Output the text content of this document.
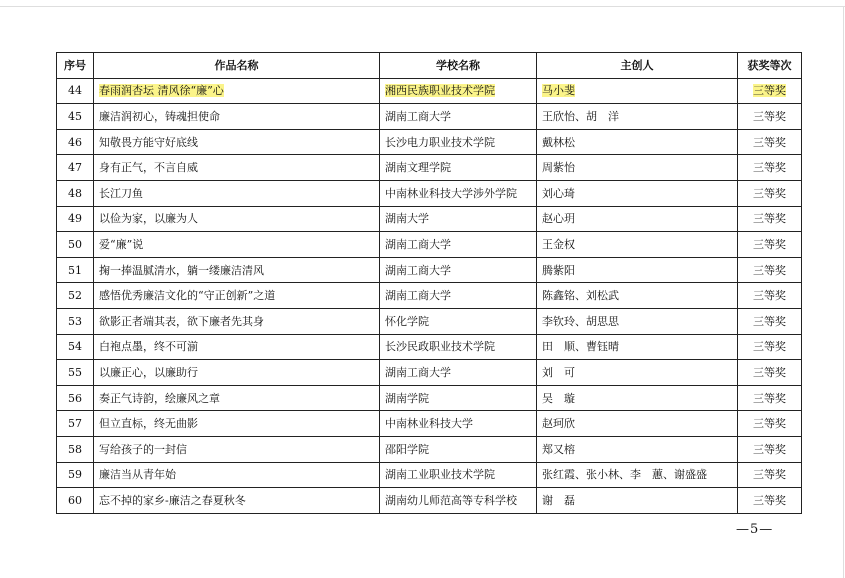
序号	作品名称	学校名称	主创人	获奖等次
44	春雨润杏坛 清风徐“廉”心	湘西民族职业技术学院	马小斐	三等奖
45	廉洁润初心，铸魂担使命	湖南工商大学	王欣怡、胡　洋	三等奖
46	知敬畏方能守好底线	长沙电力职业技术学院	戴林松	三等奖
47	身有正气，不言自威	湖南文理学院	周紫怡	三等奖
48	长江刀鱼	中南林业科技大学涉外学院	刘心琦	三等奖
49	以俭为家，以廉为人	湖南大学	赵心玥	三等奖
50	爱“廉”说	湖南工商大学	王金权	三等奖
51	掬一捧温腻清水，躺一缕廉洁清风	湖南工商大学	腾紫阳	三等奖
52	感悟优秀廉洁文化的“守正创新”之道	湖南工商大学	陈鑫铭、刘松武	三等奖
53	欲影正者端其表，欲下廉者先其身	怀化学院	李钦玲、胡思思	三等奖
54	白袍点墨，终不可湔	长沙民政职业技术学院	田　顺、曹钰晴	三等奖
55	以廉正心，以廉助行	湖南工商大学	刘　可	三等奖
56	奏正气诗韵，绘廉风之章	湖南学院	吴　璇	三等奖
57	但立直标，终无曲影	中南林业科技大学	赵珂欣	三等奖
58	写给孩子的一封信	邵阳学院	郑又榕	三等奖
59	廉洁当从青年始	湖南工业职业技术学院	张红霞、张小林、李　蕙、谢盛盛	三等奖
60	忘不掉的家乡-廉洁之春夏秋冬	湖南幼儿师范高等专科学校	谢　磊	三等奖
—5—
